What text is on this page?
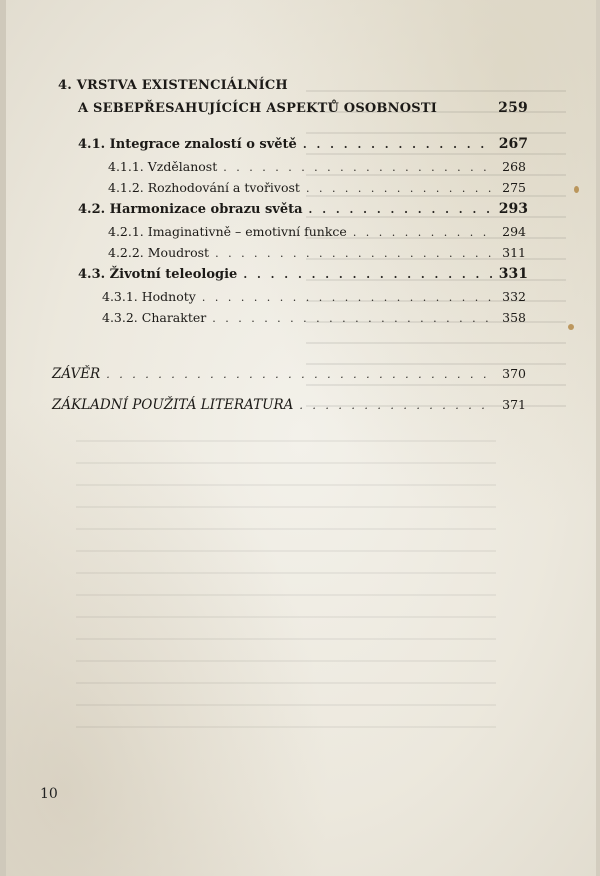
4. VRSTVA EXISTENCIÁLNÍCH
A SEBEPŘESAHUJÍCÍCH ASPEKTŮ OSOBNOSTI	259
4.1. Integrace znalostí o světě . . .	267
4.1.1. Vzdělanost . . .	268
4.1.2. Rozhodování a tvořivost . . .	275
4.2. Harmonizace obrazu světa . . .	293
4.2.1. Imaginativně – emotivní funkce . . .	294
4.2.2. Moudrost . . .	311
4.3. Životní teleologie . . .	331
4.3.1. Hodnoty . . .	332
4.3.2. Charakter . . .	358
ZÁVĚR . . .	370
ZÁKLADNÍ POUŽITÁ LITERATURA . . .	371
10
